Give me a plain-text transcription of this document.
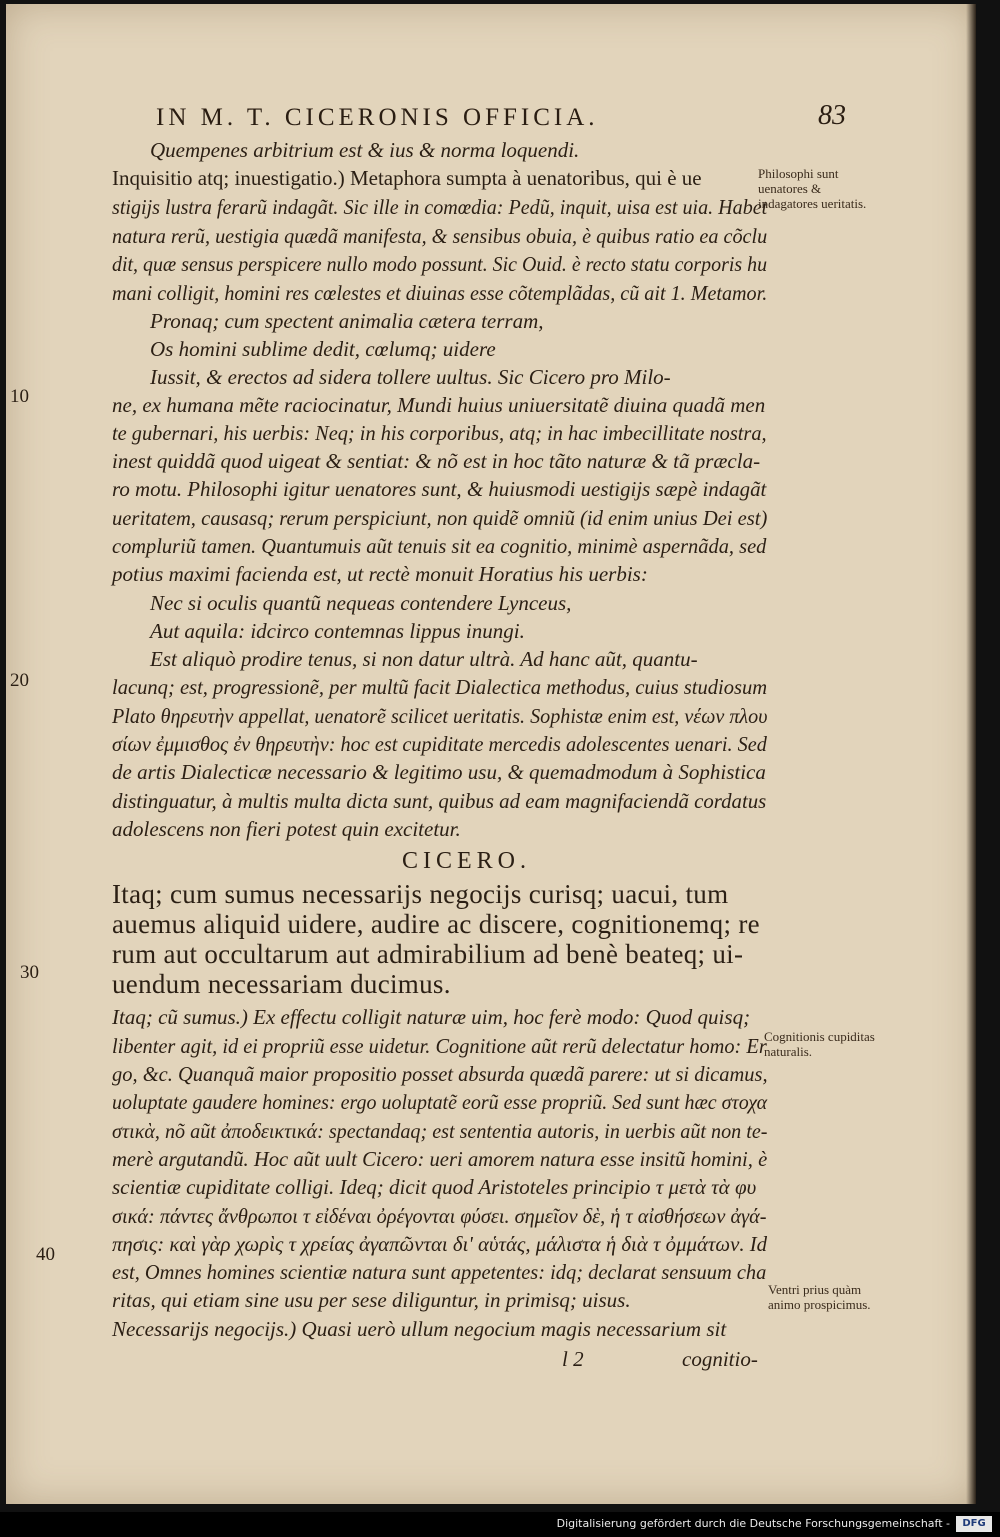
IN M. T. CICERONIS OFFICIA.	83
10
20
30
40
Quempenes arbitrium est & ius & norma loquendi.
Inquisitio atq; inuestigatio.) Metaphora sumpta à uenatoribus, qui è ue
stigijs lustra ferarũ indagãt. Sic ille in comœdia: Pedũ, inquit, uisa est uia. Habet
natura rerũ, uestigia quædã manifesta, & sensibus obuia, è quibus ratio ea cõclu
dit, quæ sensus perspicere nullo modo possunt. Sic Ouid. è recto statu corporis hu
mani colligit, homini res cœlestes et diuinas esse cõtemplãdas, cũ ait 1. Metamor.
Pronaq; cum spectent animalia cætera terram,
Os homini sublime dedit, cœlumq; uidere
Iussit, & erectos ad sidera tollere uultus. Sic Cicero pro Milo-
ne, ex humana mẽte raciocinatur, Mundi huius uniuersitatẽ diuina quadã men
te gubernari, his uerbis: Neq; in his corporibus, atq; in hac imbecillitate nostra,
inest quiddã quod uigeat & sentiat: & nõ est in hoc tãto naturæ & tã præcla-
ro motu. Philosophi igitur uenatores sunt, & huiusmodi uestigijs sæpè indagãt
ueritatem, causasq; rerum perspiciunt, non quidẽ omniũ (id enim unius Dei est)
compluriũ tamen. Quantumuis aũt tenuis sit ea cognitio, minimè aspernãda, sed
potius maximi facienda est, ut rectè monuit Horatius his uerbis:
Nec si oculis quantũ nequeas contendere Lynceus,
Aut aquila: idcirco contemnas lippus inungi.
Est aliquò prodire tenus, si non datur ultrà. Ad hanc aũt, quantu-
lacunq; est, progressionẽ, per multũ facit Dialectica methodus, cuius studiosum
Plato θηρευτὴν appellat, uenatorẽ scilicet ueritatis. Sophistæ enim est, νέων πλου
σίων ἐμμισθος ἐν θηρευτὴν: hoc est cupiditate mercedis adolescentes uenari. Sed
de artis Dialecticæ necessario & legitimo usu, & quemadmodum à Sophistica
distinguatur, à multis multa dicta sunt, quibus ad eam magnifaciendã cordatus
adolescens non fieri potest quin excitetur.
CICERO.
Itaq; cum sumus necessarijs negocijs curisq; uacui, tum
auemus aliquid uidere, audire ac discere, cognitionemq; re
rum aut occultarum aut admirabilium ad benè beateq; ui-
uendum necessariam ducimus.
Itaq; cũ sumus.) Ex effectu colligit naturæ uim, hoc ferè modo: Quod quisq;
libenter agit, id ei propriũ esse uidetur. Cognitione aũt rerũ delectatur homo: Er
go, &c. Quanquã maior propositio posset absurda quædã parere: ut si dicamus,
uoluptate gaudere homines: ergo uoluptatẽ eorũ esse propriũ. Sed sunt hæc στοχα
στικὰ, nõ aũt ἀποδεικτικά: spectandaq; est sententia autoris, in uerbis aũt non te-
merè argutandũ. Hoc aũt uult Cicero: ueri amorem natura esse insitũ homini, è
scientiæ cupiditate colligi. Ideq; dicit quod Aristoteles principio τ μετὰ τὰ φυ
σικά: πάντες ἄνθρωποι τ εἰδέναι ὀρέγονται φύσει. σημεῖον δὲ, ἡ τ αἰσθήσεων ἀγά-
πησις: καὶ γὰρ χωρὶς τ χρείας ἀγαπῶνται δι' αὑτάς, μάλιστα ἡ διὰ τ ὀμμάτων. Id
est, Omnes homines scientiæ natura sunt appetentes: idq; declarat sensuum cha
ritas, qui etiam sine usu per sese diliguntur, in primisq; uisus.
Necessarijs negocijs.) Quasi uerò ullum negocium magis necessarium sit
l 2	cognitio-
Philosophi sunt uenatores & indagatores ueritatis.
Cognitionis cupiditas naturalis.
Ventri prius quàm animo prospicimus.
Digitalisierung gefördert durch die Deutsche Forschungsgemeinschaft -	DFG
